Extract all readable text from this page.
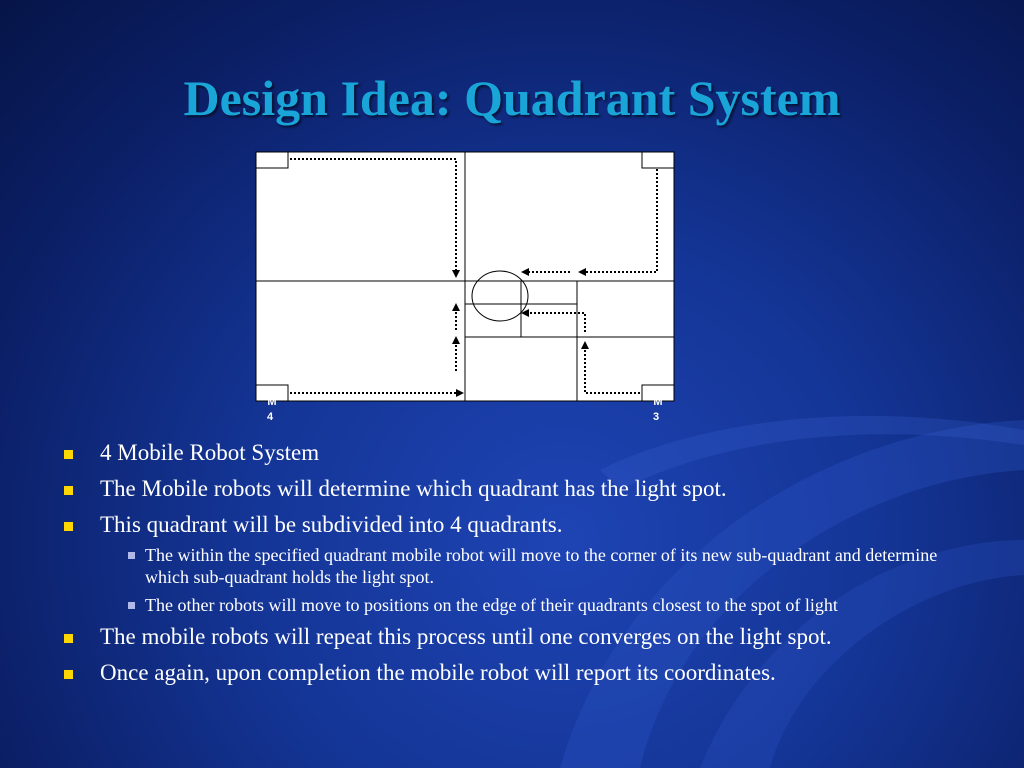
Design Idea: Quadrant System
M
4
M
3
4 Mobile Robot System
The Mobile robots will determine which quadrant has the light spot.
This quadrant will be subdivided into 4 quadrants.
The within the specified quadrant mobile robot will move to the corner of its new sub-quadrant and determine which sub-quadrant holds the light spot.
The other robots will move to positions on the edge of their quadrants closest to the spot of light
The mobile robots will repeat this process until one converges on the light spot.
Once again, upon completion the mobile robot will report its coordinates.
